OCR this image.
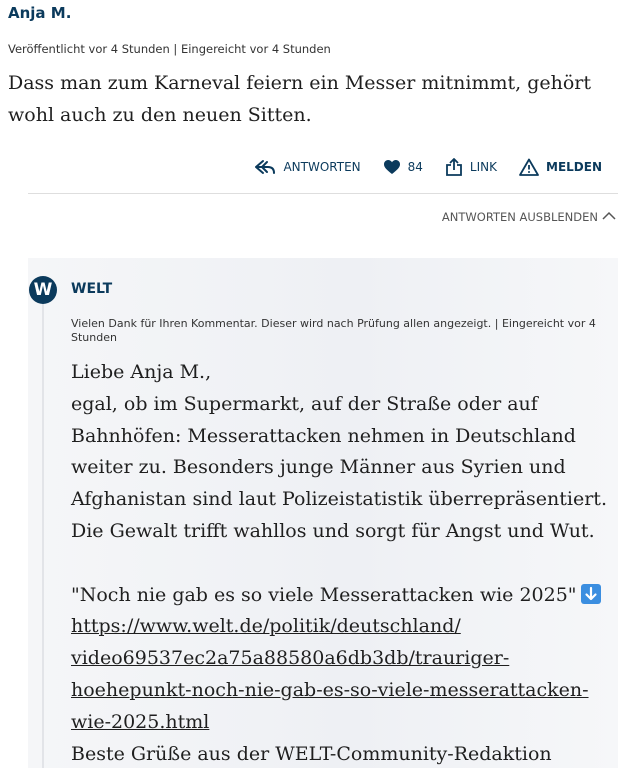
Anja M.
Veröffentlicht vor 4 Stunden | Eingereicht vor 4 Stunden
Dass man zum Karneval feiern ein Messer mitnimmt, gehört wohl auch zu den neuen Sitten.
ANTWORTEN	84	LINK	MELDEN
ANTWORTEN AUSBLENDEN
W	WELT
Vielen Dank für Ihren Kommentar. Dieser wird nach Prüfung allen angezeigt. | Eingereicht vor 4 Stunden
Liebe Anja M.,
egal, ob im Supermarkt, auf der Straße oder auf Bahnhöfen: Messerattacken nehmen in Deutschland weiter zu. Besonders junge Männer aus Syrien und Afghanistan sind laut Polizeistatistik überrepräsentiert. Die Gewalt trifft wahllos und sorgt für Angst und Wut.
"Noch nie gab es so viele Messerattacken wie 2025"
https://www.welt.de/politik/deutschland/
video69537ec2a75a88580a6db3db/trauriger-
hoehepunkt-noch-nie-gab-es-so-viele-messerattacken-
wie-2025.html
Beste Grüße aus der WELT-Community-Redaktion
